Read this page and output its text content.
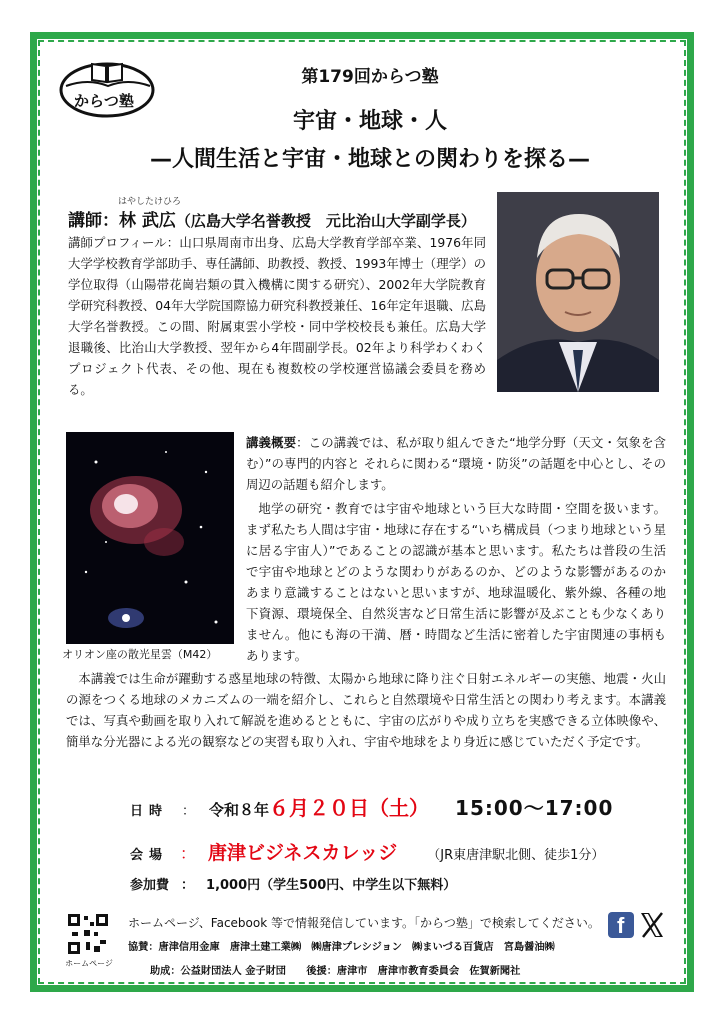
からつ塾
第179回からつ塾
宇宙・地球・人
—人間生活と宇宙・地球との関わりを探る—
はやしたけひろ
講師：林 武広（広島大学名誉教授　元比治山大学副学長）
講師プロフィール：山口県周南市出身、広島大学教育学部卒業、1976年同大学学校教育学部助手、専任講師、助教授、教授、1993年博士（理学）の学位取得（山陽帯花崗岩類の貫入機構に関する研究）、2002年大学院教育学研究科教授、04年大学院国際協力研究科教授兼任、16年定年退職、広島大学名誉教授。この間、附属東雲小学校・同中学校校長も兼任。広島大学退職後、比治山大学教授、翌年から4年間副学長。02年より科学わくわくプロジェクト代表、その他、現在も複数校の学校運営協議会委員を務める。
オリオン座の散光星雲（M42）
講義概要：この講義では、私が取り組んできた“地学分野（天文・気象を含む）”の専門的内容と それらに関わる“環境・防災”の話題を中心とし、その周辺の話題も紹介します。
地学の研究・教育では宇宙や地球という巨大な時間・空間を扱います。まず私たち人間は宇宙・地球に存在する“いち構成員（つまり地球という星に居る宇宙人）”であることの認識が基本と思います。私たちは普段の生活で宇宙や地球とどのような関わりがあるのか、どのような影響があるのかあまり意識することはないと思いますが、地球温暖化、紫外線、各種の地下資源、環境保全、自然災害など日常生活に影響が及ぶことも少なくありません。他にも海の干満、暦・時間など生活に密着した宇宙関連の事柄もあります。
本講義では生命が躍動する惑星地球の特徴、太陽から地球に降り注ぐ日射エネルギーの実態、地震・火山の源をつくる地球のメカニズムの一端を紹介し、これらと自然環境や日常生活との関わり考えます。本講義では、写真や動画を取り入れて解説を進めるとともに、宇宙の広がりや成り立ちを実感できる立体映像や、簡単な分光器による光の観察などの実習も取り入れ、宇宙や地球をより身近に感じていただく予定です。
日時 ： 令和８年６月２０日（土） 15:00～17:00
会場 ： 唐津ビジネスカレッジ （JR東唐津駅北側、徒歩1分）
参加費 ： 1,000円（学生500円、中学生以下無料）
ホームページ
ホームページ、Facebook 等で情報発信しています。「からつ塾」で検索してください。
協賛：唐津信用金庫　唐津土建工業㈱　㈱唐津プレシジョン　㈱まいづる百貨店　宮島醤油㈱
助成：公益財団法人 金子財団　　後援：唐津市　唐津市教育委員会　佐賀新聞社
f
